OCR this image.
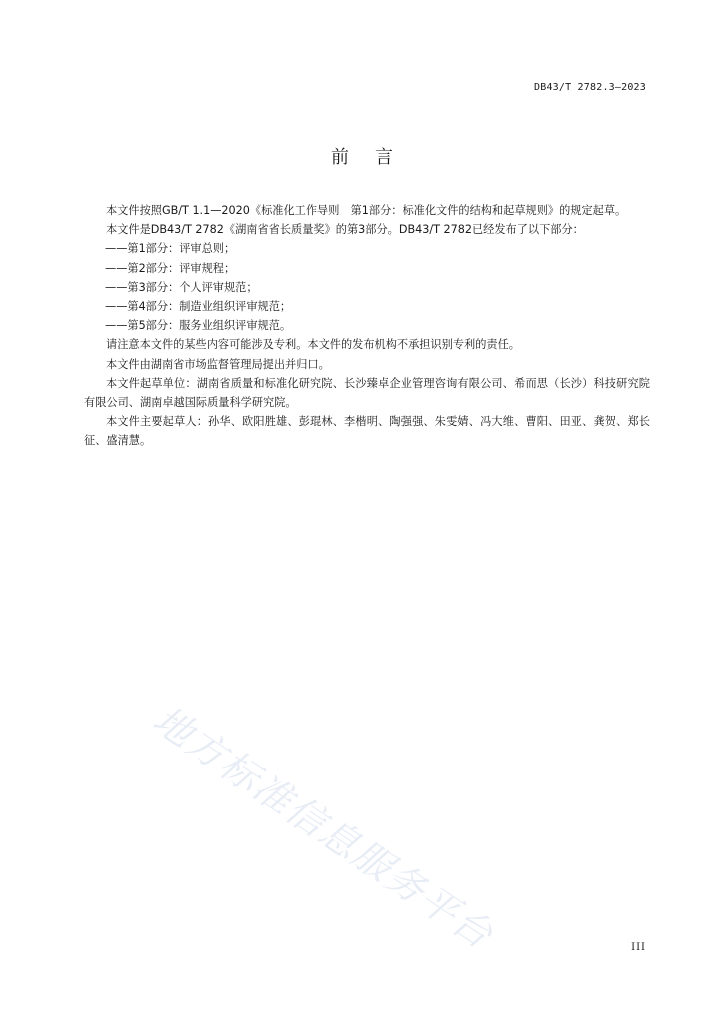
DB43/T 2782.3—2023
前言

本文件按照GB/T 1.1—2020《标准化工作导则　第1部分：标准化文件的结构和起草规则》的规定起草。

本文件是DB43/T 2782《湖南省省长质量奖》的第3部分。DB43/T 2782已经发布了以下部分：

——第1部分：评审总则；

——第2部分：评审规程；

——第3部分：个人评审规范；

——第4部分：制造业组织评审规范；

——第5部分：服务业组织评审规范。

请注意本文件的某些内容可能涉及专利。本文件的发布机构不承担识别专利的责任。

本文件由湖南省市场监督管理局提出并归口。

本文件起草单位：湖南省质量和标准化研究院、长沙臻卓企业管理咨询有限公司、希而思（长沙）科技研究院有限公司、湖南卓越国际质量科学研究院。

本文件主要起草人：孙华、欧阳胜雄、彭琨林、李楷明、陶强强、朱雯婧、冯大维、曹阳、田亚、龚贺、郑长征、盛清慧。

地方标准信息服务平台	III
